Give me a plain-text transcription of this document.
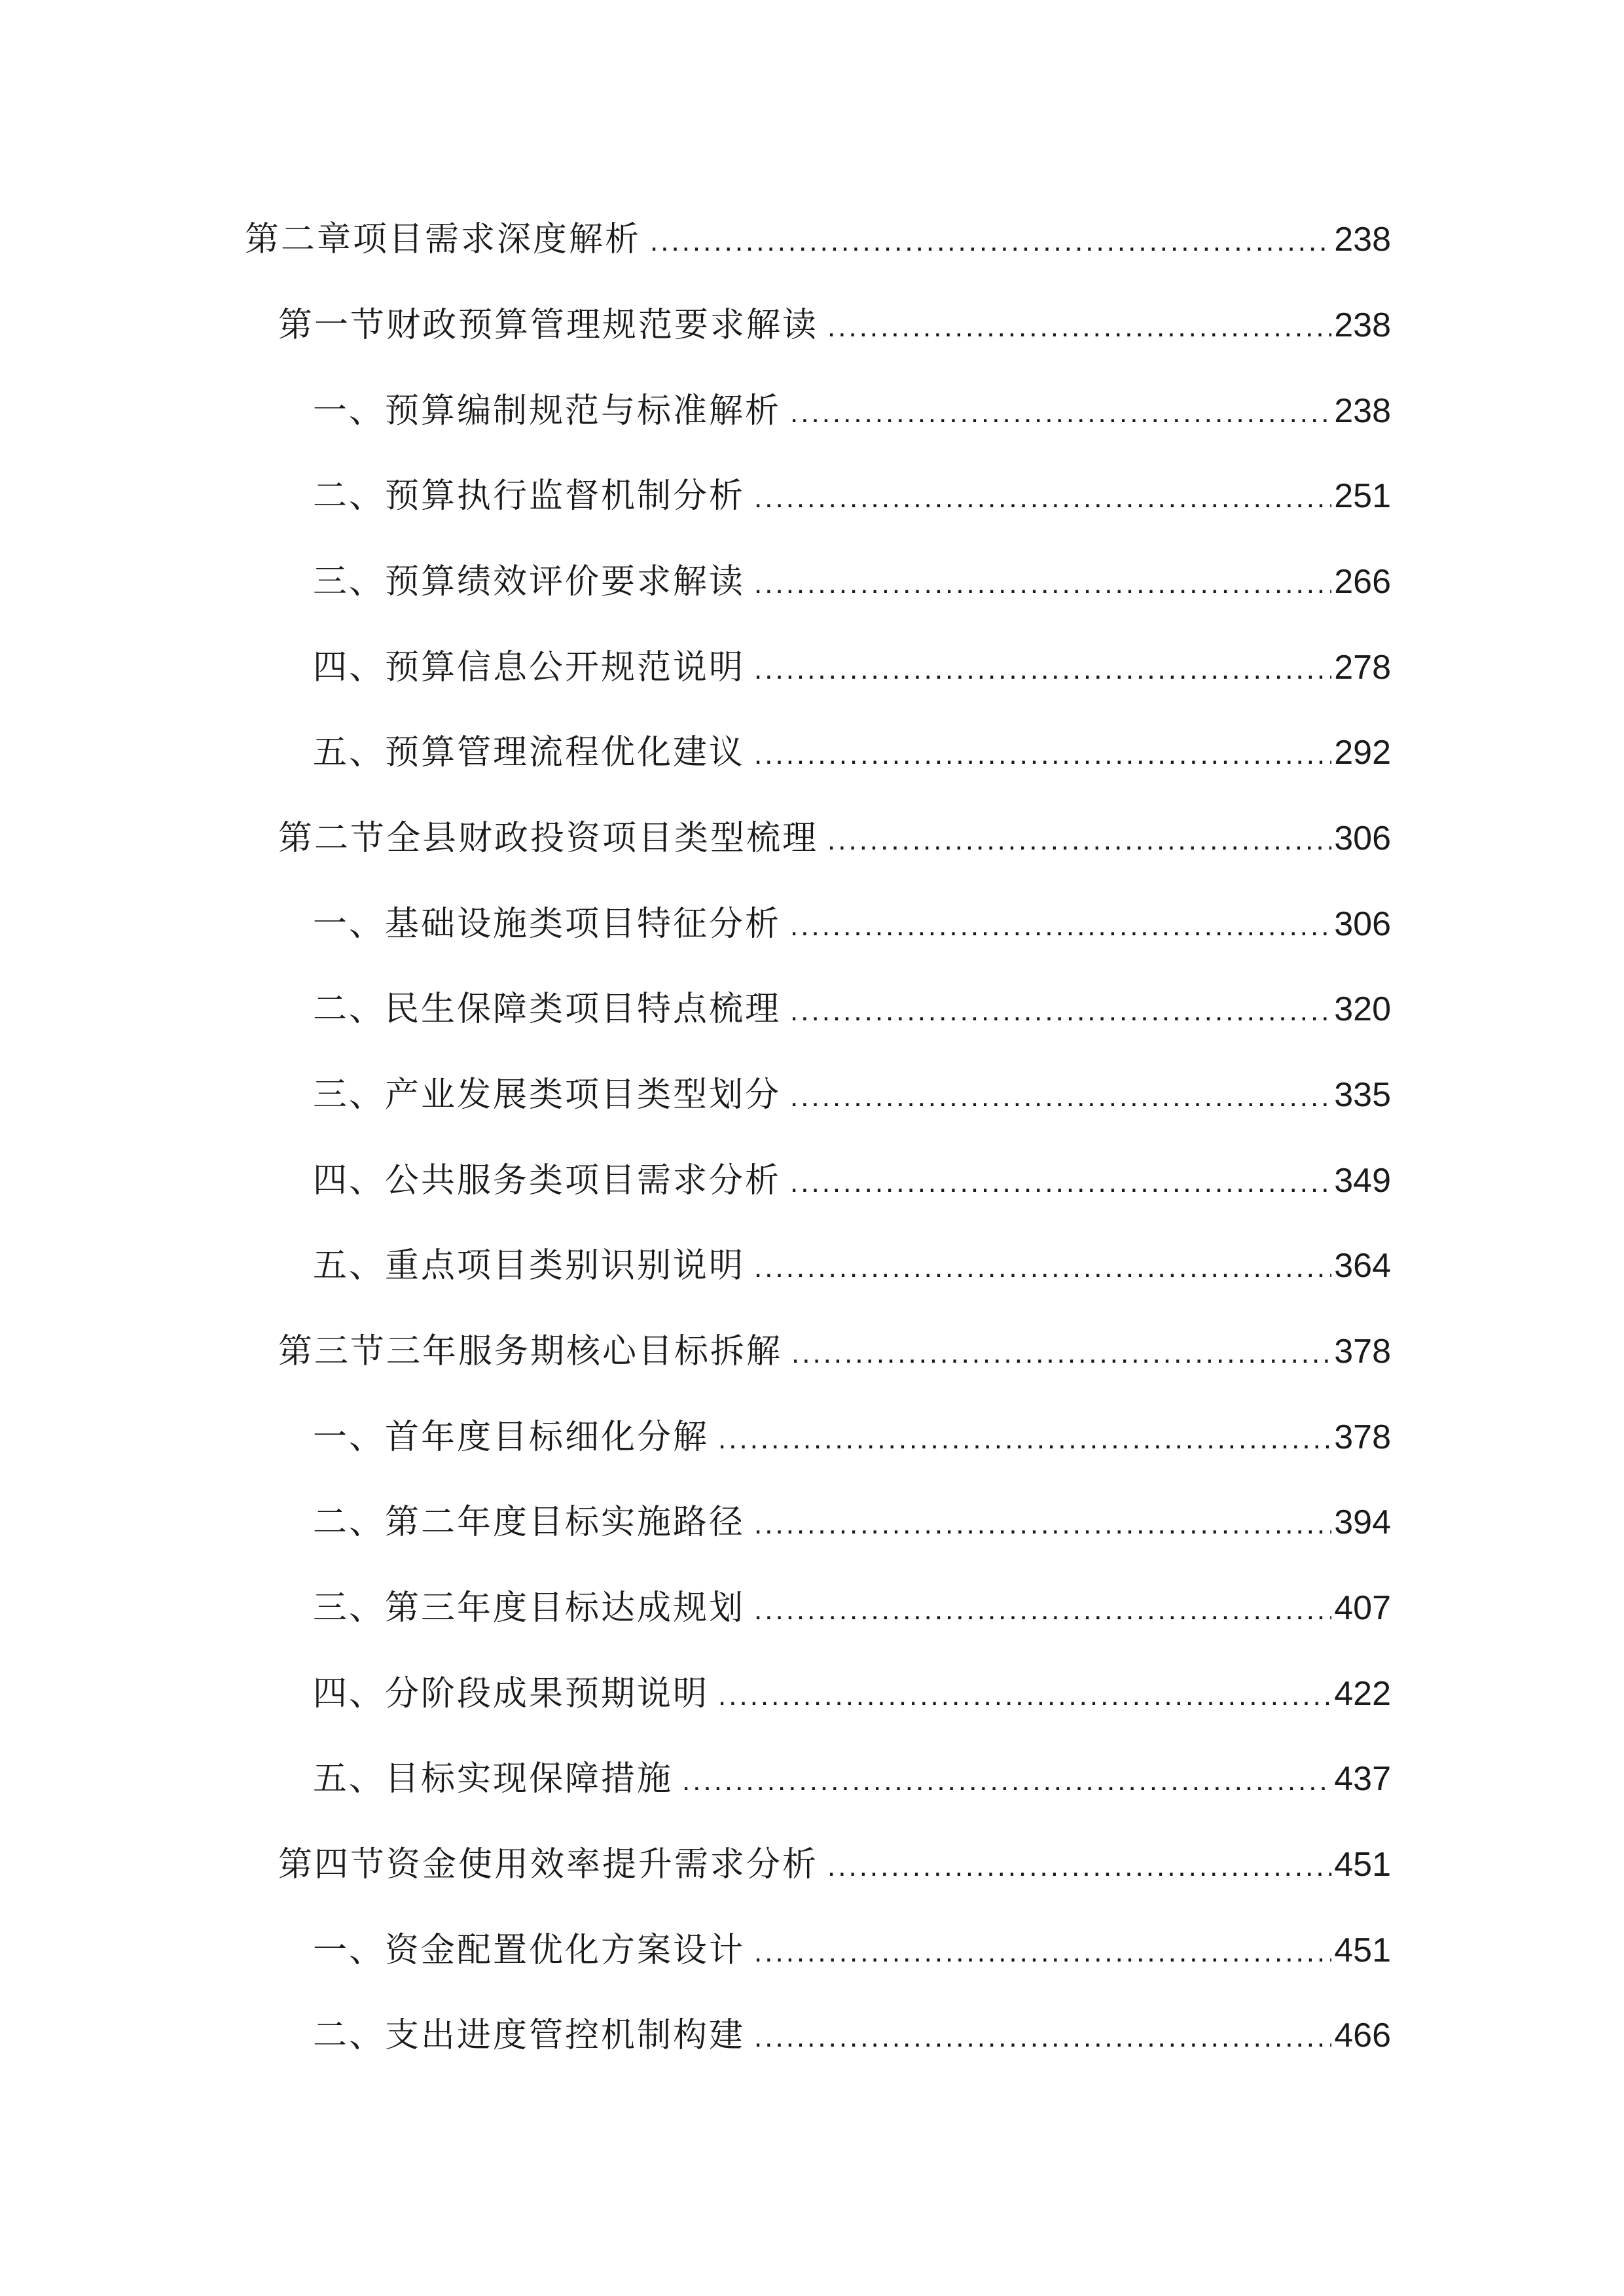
第二章项目需求深度解析 .....	238
第一节财政预算管理规范要求解读 .....	238
一、预算编制规范与标准解析 .....	238
二、预算执行监督机制分析 .....	251
三、预算绩效评价要求解读 .....	266
四、预算信息公开规范说明 .....	278
五、预算管理流程优化建议 .....	292
第二节全县财政投资项目类型梳理 .....	306
一、基础设施类项目特征分析 .....	306
二、民生保障类项目特点梳理 .....	320
三、产业发展类项目类型划分 .....	335
四、公共服务类项目需求分析 .....	349
五、重点项目类别识别说明 .....	364
第三节三年服务期核心目标拆解 .....	378
一、首年度目标细化分解 .....	378
二、第二年度目标实施路径 .....	394
三、第三年度目标达成规划 .....	407
四、分阶段成果预期说明 .....	422
五、目标实现保障措施 .....	437
第四节资金使用效率提升需求分析 .....	451
一、资金配置优化方案设计 .....	451
二、支出进度管控机制构建 .....	466
